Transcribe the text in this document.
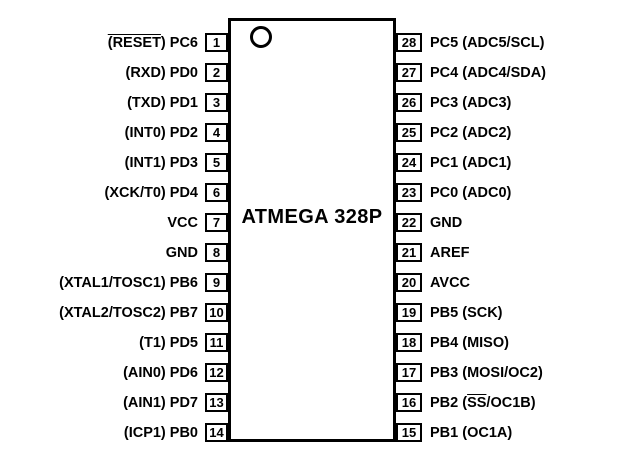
ATMEGA 328P
(RESET) PC6	1
(RXD) PD0	2
(TXD) PD1	3
(INT0) PD2	4
(INT1) PD3	5
(XCK/T0) PD4	6
VCC	7
GND	8
(XTAL1/TOSC1) PB6	9
(XTAL2/TOSC2) PB7 10
(T1) PD5 11
(AIN0) PD6 12
(AIN1) PD7 13
(ICP1) PB0 14
28 PC5 (ADC5/SCL)
27 PC4 (ADC4/SDA)
26 PC3 (ADC3)
25 PC2 (ADC2)
24 PC1 (ADC1)
23 PC0 (ADC0)
22 GND
21 AREF
20 AVCC
19 PB5 (SCK)
18 PB4 (MISO)
17 PB3 (MOSI/OC2)
16 PB2 $(\overline{SS}/OC1B)$
15 PB1 (OC1A)
